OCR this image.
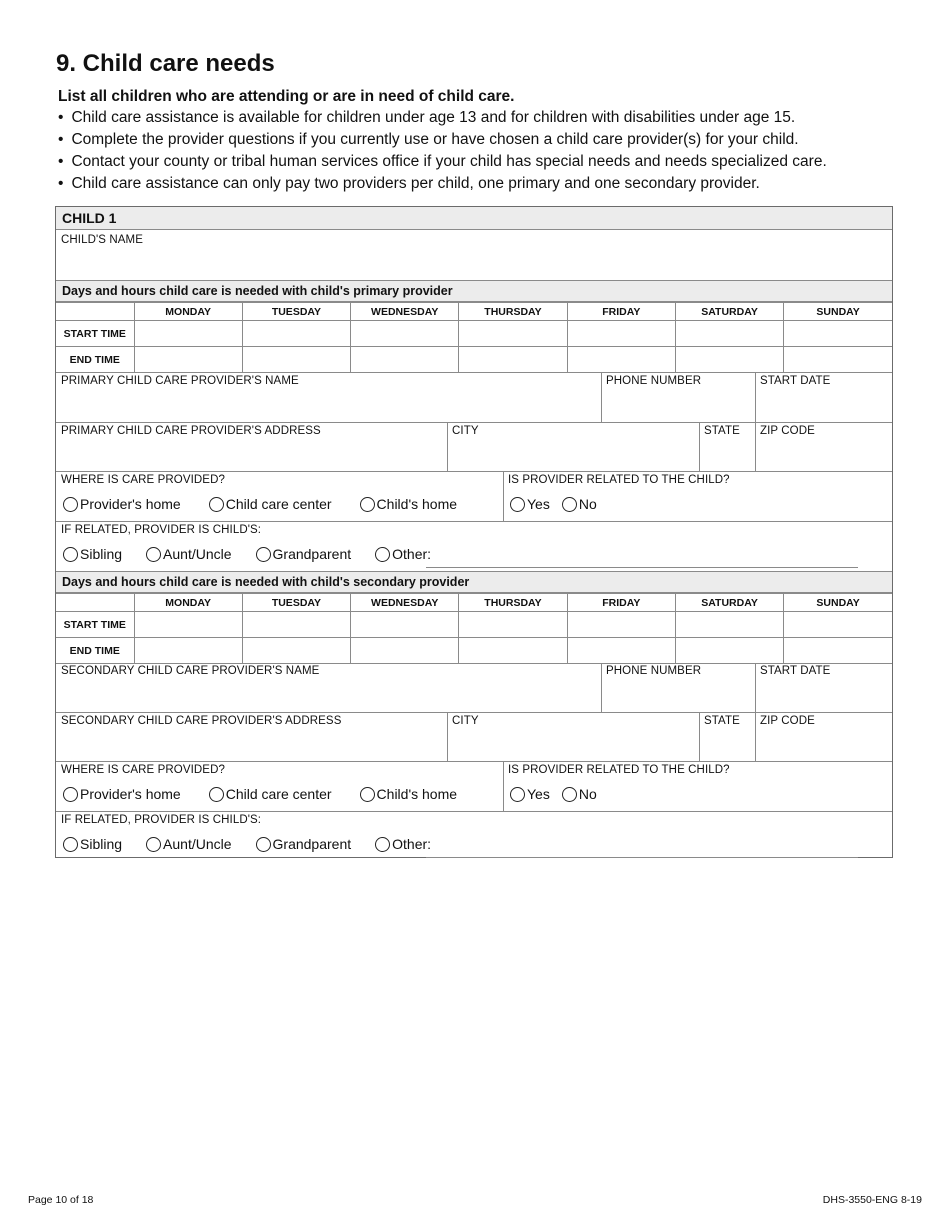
9. Child care needs
List all children who are attending or are in need of child care.
• Child care assistance is available for children under age 13 and for children with disabilities under age 15.
• Complete the provider questions if you currently use or have chosen a child care provider(s) for your child.
• Contact your county or tribal human services office if your child has special needs and needs specialized care.
• Child care assistance can only pay two providers per child, one primary and one secondary provider.
CHILD 1
CHILD'S NAME
Days and hours child care is needed with child's primary provider
	MONDAY	TUESDAY	WEDNESDAY	THURSDAY	FRIDAY	SATURDAY	SUNDAY
START TIME							
END TIME							
PRIMARY CHILD CARE PROVIDER'S NAME	PHONE NUMBER	START DATE
PRIMARY CHILD CARE PROVIDER'S ADDRESS	CITY	STATE ZIP CODE
WHERE IS CARE PROVIDED?
Provider's home	Child care center	Child's home
IS PROVIDER RELATED TO THE CHILD?
Yes No
IF RELATED, PROVIDER IS CHILD'S:
Sibling	Aunt/Uncle	Grandparent	Other:
Days and hours child care is needed with child's secondary provider
	MONDAY	TUESDAY	WEDNESDAY	THURSDAY	FRIDAY	SATURDAY	SUNDAY
START TIME							
END TIME							
SECONDARY CHILD CARE PROVIDER'S NAME	PHONE NUMBER	START DATE
SECONDARY CHILD CARE PROVIDER'S ADDRESS	CITY	STATE ZIP CODE
WHERE IS CARE PROVIDED?
Provider's home	Child care center	Child's home
IS PROVIDER RELATED TO THE CHILD?
Yes No
IF RELATED, PROVIDER IS CHILD'S:
Sibling	Aunt/Uncle	Grandparent	Other:
Page 10 of 18	DHS-3550-ENG 8-19
